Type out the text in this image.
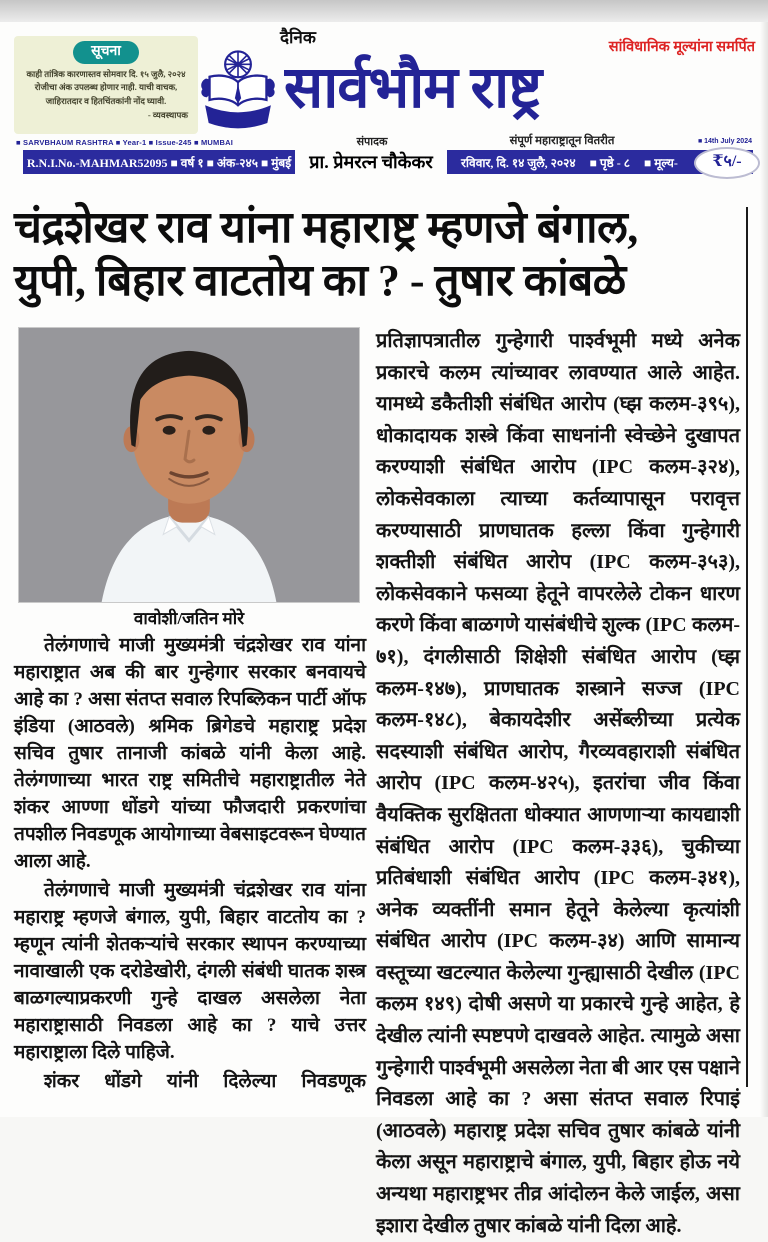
सूचना
काही तांत्रिक कारणास्तव सोमवार दि. १५ जुलै, २०२४
रोजीचा अंक उपलब्ध होणार नाही. याची वाचक,
जाहिरातदार व हितचिंतकांनी नोंद घ्यावी.
- व्यवस्थापक
दैनिक
सार्वभौम राष्ट्र
सांविधानिक मूल्यांना समर्पित
■ SARVBHAUM RASHTRA ■ Year-1 ■ Issue-245 ■ MUMBAI	संपादक	संपूर्ण महाराष्ट्रातून वितरीत	■ 14th July 2024
R.N.I.No.-MAHMAR52095 ■ वर्ष १ ■ अंक-२४५ ■ मुंबई	प्रा. प्रेमरत्न चौकेकर	रविवार, दि. १४ जुलै, २०२४ ■ पृष्ठे - ८ ■ मूल्य-	₹५/-
चंद्रशेखर राव यांना महाराष्ट्र म्हणजे बंगाल,
युपी, बिहार वाटतोय का ? - तुषार कांबळे
वावोशी/जतिन मोरे

तेलंगणाचे माजी मुख्यमंत्री चंद्रशेखर राव यांना महाराष्ट्रात अब की बार गुन्हेगार सरकार बनवायचे आहे का ? असा संतप्त सवाल रिपब्लिकन पार्टी ऑफ इंडिया (आठवले) श्रमिक ब्रिगेडचे महाराष्ट्र प्रदेश सचिव तुषार तानाजी कांबळे यांनी केला आहे. तेलंगणाच्या भारत राष्ट्र समितीचे महाराष्ट्रातील नेते शंकर आण्णा धोंडगे यांच्या फौजदारी प्रकरणांचा तपशील निवडणूक आयोगाच्या वेबसाइटवरून घेण्यात आला आहे.

तेलंगणाचे माजी मुख्यमंत्री चंद्रशेखर राव यांना महाराष्ट्र म्हणजे बंगाल, युपी, बिहार वाटतोय का ? म्हणून त्यांनी शेतकऱ्यांचे सरकार स्थापन करण्याच्या नावाखाली एक दरोडेखोरी, दंगली संबंधी घातक शस्त्र बाळगल्याप्रकरणी गुन्हे दाखल असलेला नेता महाराष्ट्रासाठी निवडला आहे का ? याचे उत्तर महाराष्ट्राला दिले पाहिजे.

शंकर धोंडगे यांनी दिलेल्या निवडणूक

प्रतिज्ञापत्रातील गुन्हेगारी पार्श्वभूमी मध्ये अनेक प्रकारचे कलम त्यांच्यावर लावण्यात आले आहेत. यामध्ये डकैतीशी संबंधित आरोप (घ्झ कलम-३९५), धोकादायक शस्त्रे किंवा साधनांनी स्वेच्छेने दुखापत करण्याशी संबंधित आरोप (IPC कलम-३२४), लोकसेवकाला त्याच्या कर्तव्यापासून परावृत्त करण्यासाठी प्राणघातक हल्ला किंवा गुन्हेगारी शक्तीशी संबंधित आरोप (IPC कलम-३५३), लोकसेवकाने फसव्या हेतूने वापरलेले टोकन धारण करणे किंवा बाळगणे यासंबंधीचे शुल्क (IPC कलम- ७१), दंगलीसाठी शिक्षेशी संबंधित आरोप (घ्झ कलम-१४७), प्राणघातक शस्त्राने सज्ज (IPC कलम-१४८), बेकायदेशीर असेंब्लीच्या प्रत्येक सदस्याशी संबंधित आरोप, गैरव्यवहाराशी संबंधित आरोप (IPC कलम-४२५), इतरांचा जीव किंवा वैयक्तिक सुरक्षितता धोक्यात आणणाऱ्या कायद्याशी संबंधित आरोप (IPC कलम-३३६), चुकीच्या प्रतिबंधाशी संबंधित आरोप (IPC कलम-३४१), अनेक व्यक्तींनी समान हेतूने केलेल्या कृत्यांशी संबंधित आरोप (IPC कलम-३४) आणि सामान्य वस्तूच्या खटल्यात केलेल्या गुन्ह्यासाठी देखील (IPC कलम १४९) दोषी असणे या प्रकारचे गुन्हे आहेत, हे देखील त्यांनी स्पष्टपणे दाखवले आहेत. त्यामुळे असा गुन्हेगारी पार्श्वभूमी असलेला नेता बी आर एस पक्षाने निवडला आहे का ? असा संतप्त सवाल रिपाइं (आठवले) महाराष्ट्र प्रदेश सचिव तुषार कांबळे यांनी केला असून महाराष्ट्राचे बंगाल, युपी, बिहार होऊ नये अन्यथा महाराष्ट्रभर तीव्र आंदोलन केले जाईल, असा इशारा देखील तुषार कांबळे यांनी दिला आहे.
